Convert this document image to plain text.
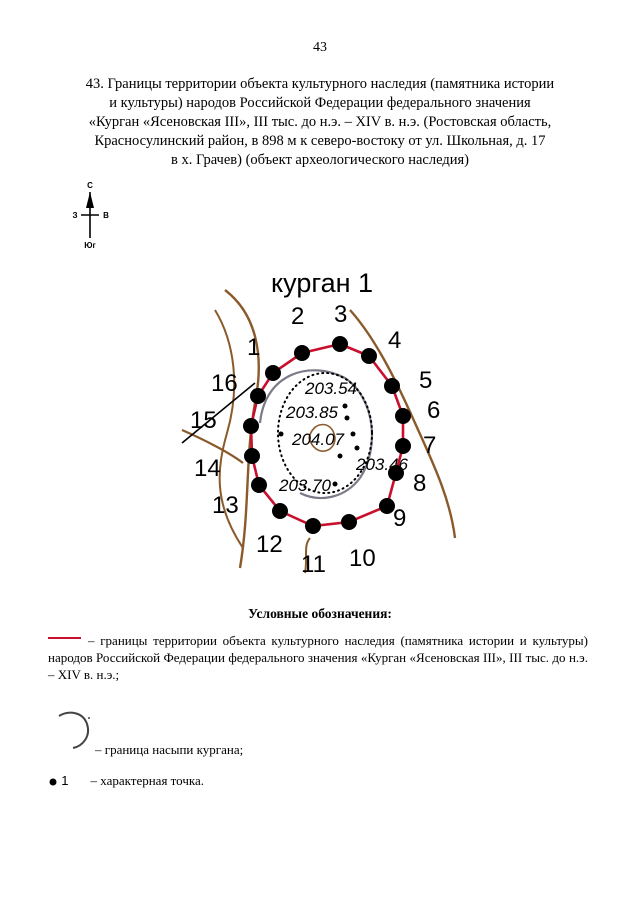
43
43. Границы территории объекта культурного наследия (памятника истории
и культуры) народов Российской Федерации федерального значения
«Курган «Ясеновская III», III тыс. до н.э. – XIV в. н.э. (Ростовская область,
Красносулинский район, в 898 м к северо-востоку от ул. Школьная, д. 17
в х. Грачев) (объект археологического наследия)
С
З	В
Юг
курган 1
203.54
203.85
204.07
203.46
203.70
1
2 3
4
5
6
7
8
9
10
11
12
13
14
15
16
Условные обозначения:
– границы территории объекта культурного наследия (памятника истории и культуры) народов Российской Федерации федерального значения «Курган «Ясеновская III», III тыс. до н.э. – XIV в. н.э.;
– граница насыпи кургана;
1 – характерная точка.
